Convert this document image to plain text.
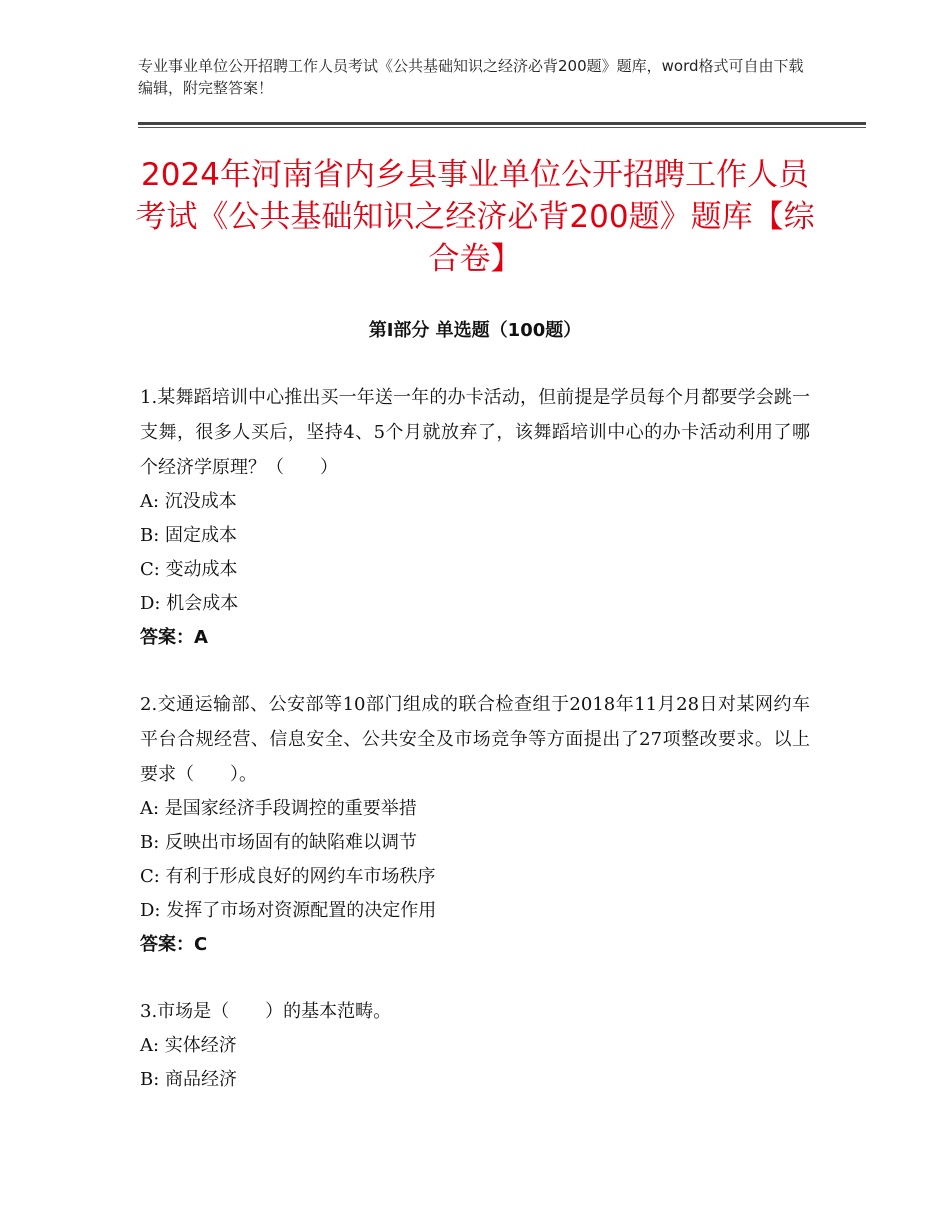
专业事业单位公开招聘工作人员考试《公共基础知识之经济必背200题》题库，word格式可自由下载编辑，附完整答案！
2024年河南省内乡县事业单位公开招聘工作人员考试《公共基础知识之经济必背200题》题库【综合卷】
第Ⅰ部分 单选题（100题）

1.某舞蹈培训中心推出买一年送一年的办卡活动，但前提是学员每个月都要学会跳一支舞，很多人买后，坚持4、5个月就放弃了，该舞蹈培训中心的办卡活动利用了哪个经济学原理？（　　）

A: 沉没成本

B: 固定成本

C: 变动成本

D: 机会成本

答案：A

2.交通运输部、公安部等10部门组成的联合检查组于2018年11月28日对某网约车平台合规经营、信息安全、公共安全及市场竞争等方面提出了27项整改要求。以上要求（　　）。

A: 是国家经济手段调控的重要举措

B: 反映出市场固有的缺陷难以调节

C: 有利于形成良好的网约车市场秩序

D: 发挥了市场对资源配置的决定作用

答案：C

3.市场是（　　）的基本范畴。

A: 实体经济

B: 商品经济
